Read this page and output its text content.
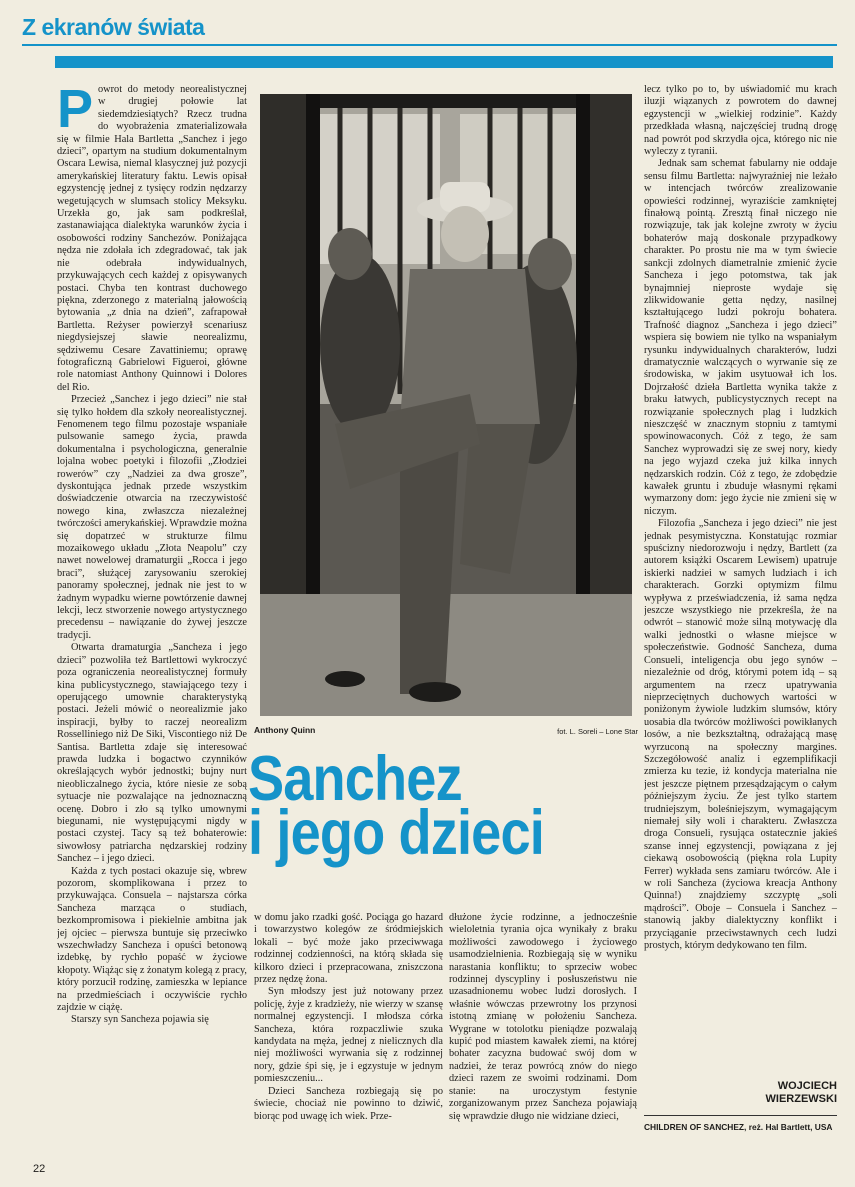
Z ekranów świata
P owrot do metody neorealistycznej w drugiej połowie lat siedemdziesiątych? Rzecz trudna do wyobrażenia zmaterializowała się w filmie Hala Bartletta „Sanchez i jego dzieci”, opartym na studium dokumentalnym Oscara Lewisa, niemal klasycznej już pozycji amerykańskiej literatury faktu. Lewis opisał egzystencję jednej z tysięcy rodzin nędzarzy wegetujących w slumsach stolicy Meksyku. Urzekła go, jak sam podkreślał, zastanawiająca dialektyka warunków życia i osobowości rodziny Sanchezów. Poniżająca nędza nie zdołała ich zdegradować, tak jak nie odebrała indywidualnych, przykuwających cech każdej z opisywanych postaci. Chyba ten kontrast duchowego piękna, zderzonego z materialną jałowością bytowania „z dnia na dzień”, zafrapował Bartletta. Reżyser powierzył scenariusz niegdysiejszej sławie neorealizmu, sędziwemu Cesare Zavattiniemu; oprawę fotograficzną Gabrielowi Figueroi, główne role natomiast Anthony Quinnowi i Dolores del Rio.

Przecież „Sanchez i jego dzieci” nie stał się tylko hołdem dla szkoły neorealistycznej. Fenomenem tego filmu pozostaje wspaniałe pulsowanie samego życia, prawda dokumentalna i psychologiczna, generalnie lojalna wobec poetyki i filozofii „Złodziei rowerów” czy „Nadziei za dwa grosze”, dyskontująca jednak przede wszystkim doświadczenie otwarcia na rzeczywistość nowego kina, zwłaszcza niezależnej twórczości amerykańskiej. Wprawdzie można się dopatrzeć w strukturze filmu mozaikowego układu „Złota Neapolu” czy nawet nowelowej dramaturgii „Rocca i jego braci”, służącej zarysowaniu szerokiej panoramy społecznej, jednak nie jest to w żadnym wypadku wierne powtórzenie dawnej lekcji, lecz stworzenie nowego artystycznego precedensu – nawiązanie do żywej jeszcze tradycji.

Otwarta dramaturgia „Sancheza i jego dzieci” pozwoliła też Bartlettowi wykroczyć poza ograniczenia neorealistycznej formuły kina publicystycznego, stawiającego tezy i operującego umownie charakterystyką postaci. Jeżeli mówić o neorealizmie jako inspiracji, byłby to raczej neorealizm Rosselliniego niż De Siki, Viscontiego niż De Santisa. Bartletta zdaje się interesować prawda ludzka i bogactwo czynników określających wybór jednostki; bujny nurt nieobliczalnego życia, które niesie ze sobą sytuacje nie pozwalające na jednoznaczną ocenę. Dobro i zło są tylko umownymi biegunami, nie występującymi nigdy w postaci czystej. Tacy są też bohaterowie: siwowłosy patriarcha nędzarskiej rodziny Sanchez – i jego dzieci.

Każda z tych postaci okazuje się, wbrew pozorom, skomplikowana i przez to przykuwająca. Consuela – najstarsza córka Sancheza marząca o studiach, bezkompromisowa i piekielnie ambitna jak jej ojciec – pierwsza buntuje się przeciwko wszechwładzy Sancheza i opuści betonową izdebkę, by rychło popaść w życiowe kłopoty. Wiążąc się z żonatym kolegą z pracy, który porzucił rodzinę, zamieszka w lepiance na przedmieściach i oczywiście rychło zajdzie w ciążę.

Starszy syn Sancheza pojawia się

Anthony Quinn	fot. L. Soreli – Lone Star
Sanchez
i jego dzieci

w domu jako rzadki gość. Pociąga go hazard i towarzystwo kolegów ze śródmiejskich lokali – być może jako przeciwwaga rodzinnej codzienności, na którą składa się kilkoro dzieci i przepracowana, zniszczona przez nędzę żona.

Syn młodszy jest już notowany przez policję, żyje z kradzieży, nie wierzy w szansę normalnej egzystencji. I młodsza córka Sancheza, która rozpaczliwie szuka kandydata na męża, jednej z nielicznych dla niej możliwości wyrwania się z rodzinnej nory, gdzie śpi się, je i egzystuje w jednym pomieszczeniu...

Dzieci Sancheza rozbiegają się po świecie, chociaż nie powinno to dziwić, biorąc pod uwagę ich wiek. Prze-

dłużone życie rodzinne, a jednocześnie wieloletnia tyrania ojca wynikały z braku możliwości zawodowego i życiowego usamodzielnienia. Rozbiegają się w wyniku narastania konfliktu; to sprzeciw wobec rodzinnej dyscypliny i posłuszeństwu nie uzasadnionemu wobec ludzi dorosłych. I właśnie wówczas przewrotny los przynosi istotną zmianę w położeniu Sancheza. Wygrane w totolotku pieniądze pozwalają kupić pod miastem kawałek ziemi, na której bohater zacyzna budować swój dom w nadziei, że teraz powrócą znów do niego dzieci razem ze swoimi rodzinami. Dom stanie: na uroczystym festynie zorganizowanym przez Sancheza pojawiają się wprawdzie długo nie widziane dzieci,

lecz tylko po to, by uświadomić mu krach iluzji wiązanych z powrotem do dawnej egzystencji w „wielkiej rodzinie”. Każdy przedkłada własną, najczęściej trudną drogę nad powrót pod skrzydła ojca, którego nic nie wyleczy z tyranii.

Jednak sam schemat fabularny nie oddaje sensu filmu Bartletta: najwyraźniej nie leżało w intencjach twórców zrealizowanie opowieści rodzinnej, wyraziście zamkniętej finałową pointą. Zresztą finał niczego nie rozwiązuje, tak jak kolejne zwroty w życiu bohaterów mają doskonale przypadkowy charakter. Po prostu nie ma w tym świecie sankcji zdolnych diametralnie zmienić życie Sancheza i jego potomstwa, tak jak bynajmniej nieproste wydaje się zlikwidowanie getta nędzy, nasilnej kształtującego ludzi pokroju bohatera. Trafność diagnoz „Sancheza i jego dzieci” wspiera się bowiem nie tylko na wspaniałym rysunku indywidualnych charakterów, ludzi dramatycznie walczących o wyrwanie się ze środowiska, w jakim usytuował ich los. Dojrzałość dzieła Bartletta wynika także z braku łatwych, publicystycznych recept na rozwiązanie społecznych plag i ludzkich nieszczęść w znacznym stopniu z tamtymi spowinowaconych. Cóż z tego, że sam Sanchez wyprowadzi się ze swej nory, kiedy na jego wyjazd czeka już kilka innych nędzarskich rodzin. Cóż z tego, że zdobędzie kawałek gruntu i zbuduje własnymi rękami wymarzony dom: jego życie nie zmieni się w niczym.

Filozofia „Sancheza i jego dzieci” nie jest jednak pesymistyczna. Konstatując rozmiar spuścizny niedorozwoju i nędzy, Bartlett (za autorem książki Oscarem Lewisem) upatruje iskierki nadziei w samych ludziach i ich charakterach. Gorzki optymizm filmu wypływa z przeświadczenia, iż sama nędza jeszcze wszystkiego nie przekreśla, że na odwrót – stanowić może silną motywację dla walki jednostki o własne miejsce w społeczeństwie. Godność Sancheza, duma Consueli, inteligencja obu jego synów – niezależnie od dróg, którymi potem idą – są argumentem na rzecz upatrywania nieprzeciętnych duchowych wartości w poniżonym żywiole ludzkim slumsów, który uosabia dla twórców możliwości powikłanych losów, a nie bezkształtną, odrażającą masę wyrzuconą na społeczny margines. Szczegółowość analiz i egzemplifikacji zmierza ku tezie, iż kondycja materialna nie jest jeszcze piętnem przesądzającym o całym późniejszym życiu. Że jest tylko startem trudniejszym, boleśniejszym, wymagającym niemałej siły woli i charakteru. Zwłaszcza droga Consueli, rysująca ostatecznie jakieś szanse innej egzystencji, powiązana z jej ciekawą osobowością (piękna rola Lupity Ferrer) wykłada sens zamiaru twórców. Ale i w roli Sancheza (życiowa kreacja Anthony Quinna!) znajdziemy szczyptę „soli mądrości”. Oboje – Consuela i Sanchez – stanowią jakby dialektyczny konflikt i przyciąganie przeciwstawnych cech ludzi prostych, którym dedykowano ten film.

WOJCIECH
WIERZEWSKI
CHILDREN OF SANCHEZ, reż. Hal Bartlett, USA
22
